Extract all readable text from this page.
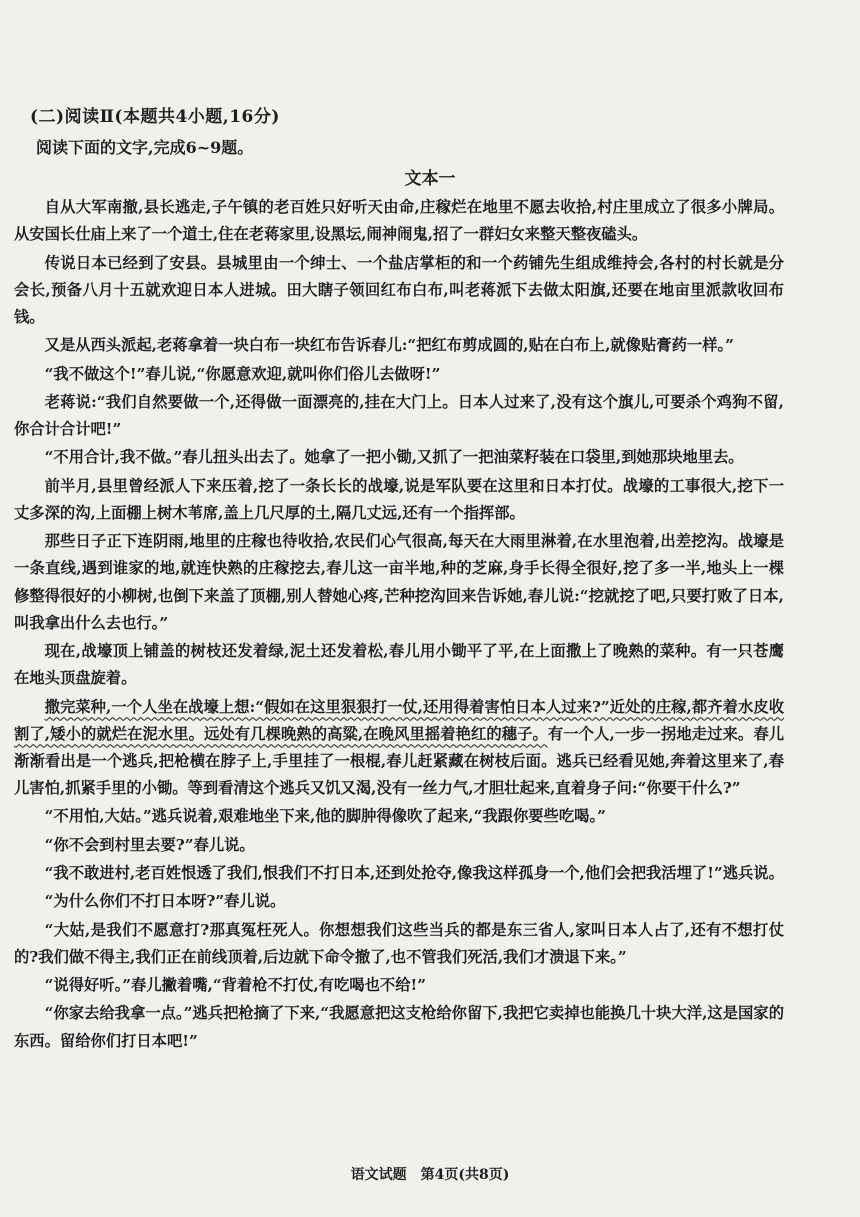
(二)阅读Ⅱ(本题共4小题,16分)
阅读下面的文字,完成6~9题。
文本一

自从大军南撤,县长逃走,子午镇的老百姓只好听天由命,庄稼烂在地里不愿去收拾,村庄里成立了很多小牌局。从安国长仕庙上来了一个道士,住在老蒋家里,设黑坛,闹神闹鬼,招了一群妇女来整天整夜磕头。

传说日本已经到了安县。县城里由一个绅士、一个盐店掌柜的和一个药铺先生组成维持会,各村的村长就是分会长,预备八月十五就欢迎日本人进城。田大瞎子领回红布白布,叫老蒋派下去做太阳旗,还要在地亩里派款收回布钱。

又是从西头派起,老蒋拿着一块白布一块红布告诉春儿:“把红布剪成圆的,贴在白布上,就像贴膏药一样。”

“我不做这个!”春儿说,“你愿意欢迎,就叫你们俗儿去做呀!”

老蒋说:“我们自然要做一个,还得做一面漂亮的,挂在大门上。日本人过来了,没有这个旗儿,可要杀个鸡狗不留,你合计合计吧!”

“不用合计,我不做。”春儿扭头出去了。她拿了一把小锄,又抓了一把油菜籽装在口袋里,到她那块地里去。

前半月,县里曾经派人下来压着,挖了一条长长的战壕,说是军队要在这里和日本打仗。战壕的工事很大,挖下一丈多深的沟,上面棚上树木苇席,盖上几尺厚的土,隔几丈远,还有一个指挥部。

那些日子正下连阴雨,地里的庄稼也待收拾,农民们心气很高,每天在大雨里淋着,在水里泡着,出差挖沟。战壕是一条直线,遇到谁家的地,就连快熟的庄稼挖去,春儿这一亩半地,种的芝麻,身手长得全很好,挖了多一半,地头上一棵修整得很好的小柳树,也倒下来盖了顶棚,别人替她心疼,芒种挖沟回来告诉她,春儿说:“挖就挖了吧,只要打败了日本,叫我拿出什么去也行。”

现在,战壕顶上铺盖的树枝还发着绿,泥土还发着松,春儿用小锄平了平,在上面撒上了晚熟的菜种。有一只苍鹰在地头顶盘旋着。

撒完菜种,一个人坐在战壕上想:“假如在这里狠狠打一仗,还用得着害怕日本人过来?”近处的庄稼,都齐着水皮收割了,矮小的就烂在泥水里。远处有几棵晚熟的高粱,在晚风里摇着艳红的穗子。有一个人,一步一拐地走过来。春儿渐渐看出是一个逃兵,把枪横在脖子上,手里挂了一根棍,春儿赶紧藏在树枝后面。逃兵已经看见她,奔着这里来了,春儿害怕,抓紧手里的小锄。等到看清这个逃兵又饥又渴,没有一丝力气,才胆壮起来,直着身子问:“你要干什么?”

“不用怕,大姑。”逃兵说着,艰难地坐下来,他的脚肿得像吹了起来,“我跟你要些吃喝。”

“你不会到村里去要?”春儿说。

“我不敢进村,老百姓恨透了我们,恨我们不打日本,还到处抢夺,像我这样孤身一个,他们会把我活埋了!”逃兵说。

“为什么你们不打日本呀?”春儿说。

“大姑,是我们不愿意打?那真冤枉死人。你想想我们这些当兵的都是东三省人,家叫日本人占了,还有不想打仗的?我们做不得主,我们正在前线顶着,后边就下命令撤了,也不管我们死活,我们才溃退下来。”

“说得好听。”春儿撇着嘴,“背着枪不打仗,有吃喝也不给!”

“你家去给我拿一点。”逃兵把枪摘了下来,“我愿意把这支枪给你留下,我把它卖掉也能换几十块大洋,这是国家的东西。留给你们打日本吧!”

语文试题　第4页(共8页)
